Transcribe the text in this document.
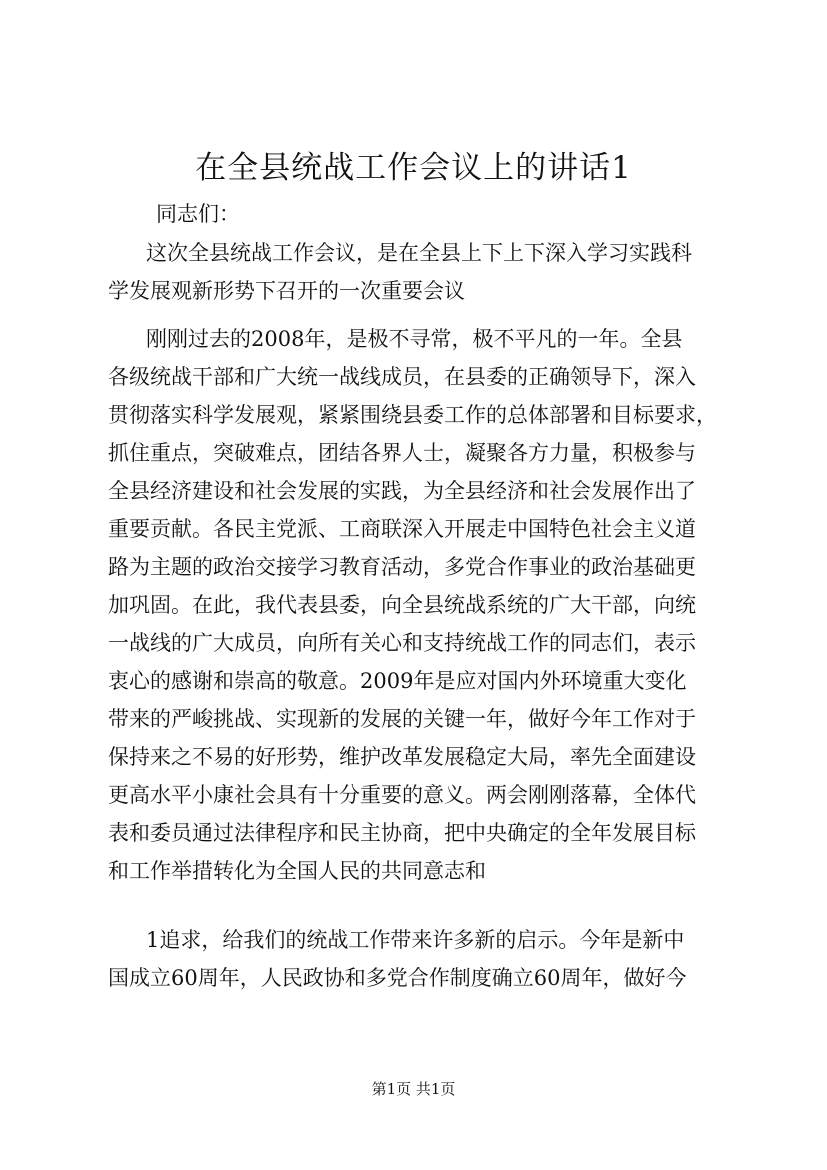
在全县统战工作会议上的讲话1

同志们：

这次全县统战工作会议，是在全县上下上下深入学习实践科
学发展观新形势下召开的一次重要会议
刚刚过去的2008年，是极不寻常，极不平凡的一年。全县
各级统战干部和广大统一战线成员，在县委的正确领导下，深入
贯彻落实科学发展观，紧紧围绕县委工作的总体部署和目标要求，
抓住重点，突破难点，团结各界人士，凝聚各方力量，积极参与
全县经济建设和社会发展的实践，为全县经济和社会发展作出了
重要贡献。各民主党派、工商联深入开展走中国特色社会主义道
路为主题的政治交接学习教育活动，多党合作事业的政治基础更
加巩固。在此，我代表县委，向全县统战系统的广大干部，向统
一战线的广大成员，向所有关心和支持统战工作的同志们，表示
衷心的感谢和崇高的敬意。2009年是应对国内外环境重大变化
带来的严峻挑战、实现新的发展的关键一年，做好今年工作对于
保持来之不易的好形势，维护改革发展稳定大局，率先全面建设
更高水平小康社会具有十分重要的意义。两会刚刚落幕，全体代
表和委员通过法律程序和民主协商，把中央确定的全年发展目标
和工作举措转化为全国人民的共同意志和
1追求，给我们的统战工作带来许多新的启示。今年是新中
国成立60周年，人民政协和多党合作制度确立60周年，做好今
第1页 共1页
